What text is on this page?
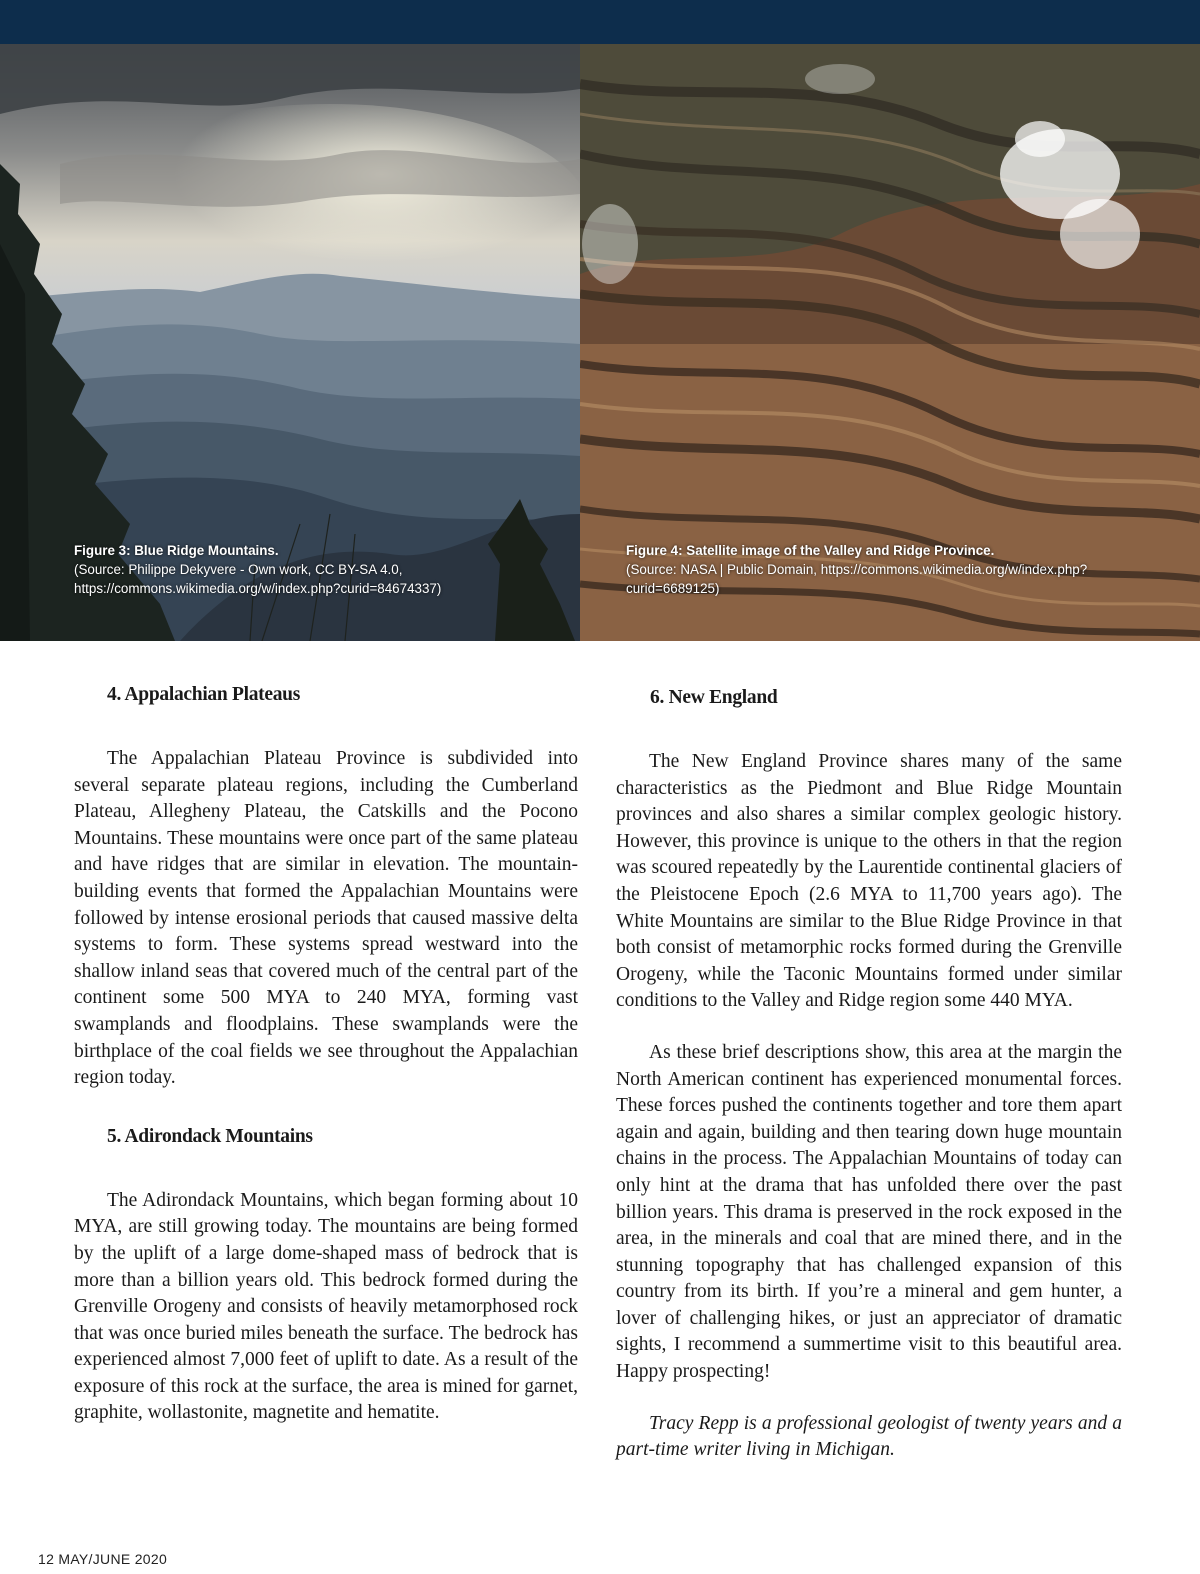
Figure 3: Blue Ridge Mountains.
(Source: Philippe Dekyvere - Own work, CC BY-SA 4.0, https://commons.wikimedia.org/w/index.php?curid=84674337)
Figure 4: Satellite image of the Valley and Ridge Province.
(Source: NASA | Public Domain, https://commons.wikimedia.org/w/index.php?curid=6689125)
4. Appalachian Plateaus

The Appalachian Plateau Province is subdivided into several separate plateau regions, including the Cumberland Plateau, Allegheny Plateau, the Catskills and the Pocono Mountains. These mountains were once part of the same plateau and have ridges that are similar in elevation. The mountain-building events that formed the Appalachian Mountains were followed by intense erosional periods that caused massive delta systems to form. These systems spread westward into the shallow inland seas that covered much of the central part of the continent some 500 MYA to 240 MYA, forming vast swamplands and floodplains. These swamplands were the birthplace of the coal fields we see throughout the Appalachian region today.

5. Adirondack Mountains

The Adirondack Mountains, which began forming about 10 MYA, are still growing today. The mountains are being formed by the uplift of a large dome-shaped mass of bedrock that is more than a billion years old. This bedrock formed during the Grenville Orogeny and consists of heavily metamorphosed rock that was once buried miles beneath the surface. The bedrock has experienced almost 7,000 feet of uplift to date. As a result of the exposure of this rock at the surface, the area is mined for garnet, graphite, wollastonite, magnetite and hematite.

6. New England

The New England Province shares many of the same characteristics as the Piedmont and Blue Ridge Mountain provinces and also shares a similar complex geologic history. However, this province is unique to the others in that the region was scoured repeatedly by the Laurentide continental glaciers of the Pleistocene Epoch (2.6 MYA to 11,700 years ago). The White Mountains are similar to the Blue Ridge Province in that both consist of metamorphic rocks formed during the Grenville Orogeny, while the Taconic Mountains formed under similar conditions to the Valley and Ridge region some 440 MYA.

As these brief descriptions show, this area at the margin the North American continent has experienced monumental forces. These forces pushed the continents together and tore them apart again and again, building and then tearing down huge mountain chains in the process. The Appalachian Mountains of today can only hint at the drama that has unfolded there over the past billion years. This drama is preserved in the rock exposed in the area, in the minerals and coal that are mined there, and in the stunning topography that has challenged expansion of this country from its birth. If you’re a mineral and gem hunter, a lover of challenging hikes, or just an appreciator of dramatic sights, I recommend a summertime visit to this beautiful area. Happy prospecting!

Tracy Repp is a professional geologist of twenty years and a part-time writer living in Michigan.

12 MAY/JUNE 2020
